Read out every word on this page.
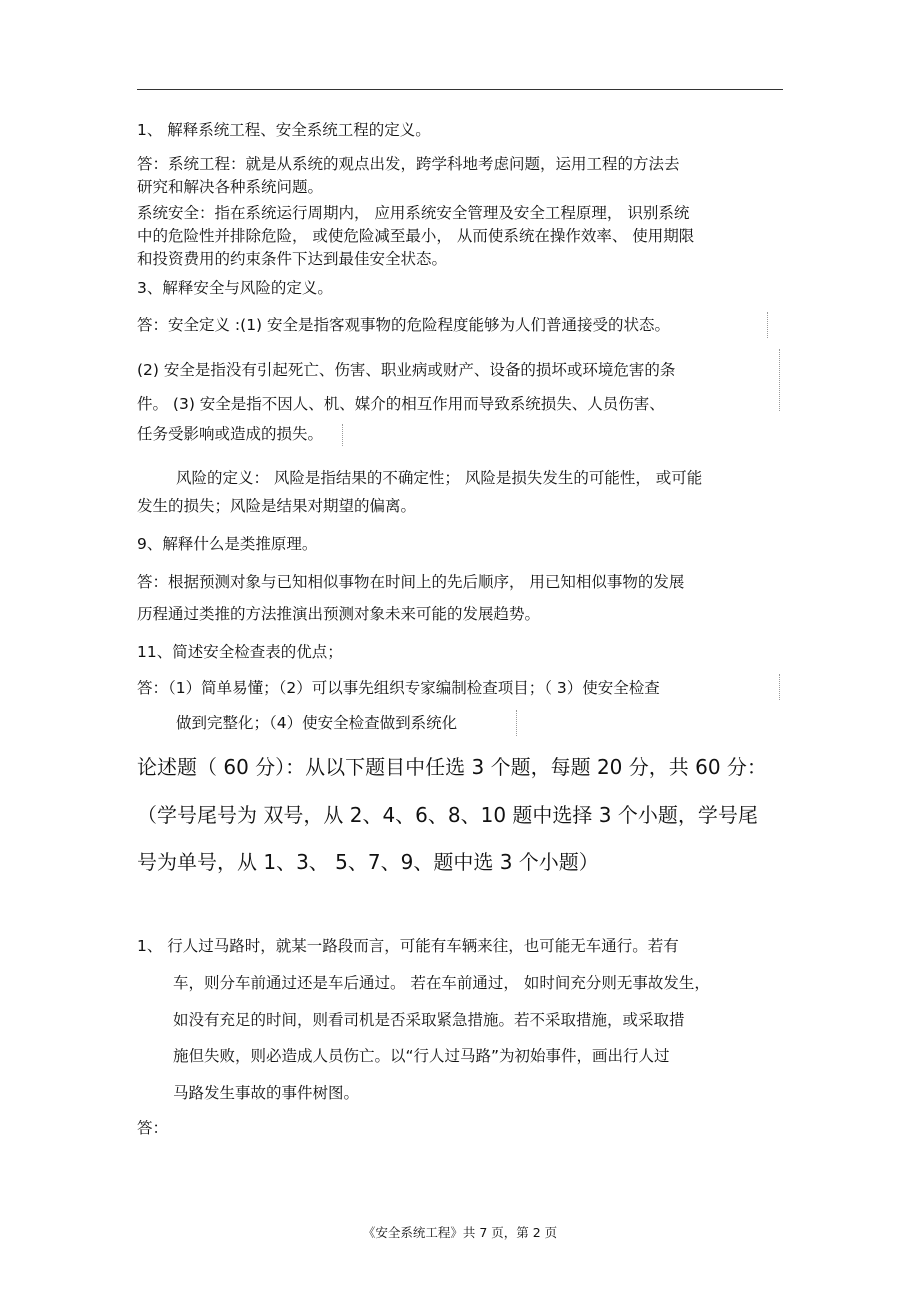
1、 解释系统工程、安全系统工程的定义。
答：系统工程：就是从系统的观点出发，跨学科地考虑问题，运用工程的方法去
研究和解决各种系统问题。
系统安全：指在系统运行周期内， 应用系统安全管理及安全工程原理， 识别系统
中的危险性并排除危险， 或使危险减至最小， 从而使系统在操作效率、 使用期限
和投资费用的约束条件下达到最佳安全状态。
3、解释安全与风险的定义。
答：安全定义 :(1) 安全是指客观事物的危险程度能够为人们普通接受的状态。
(2) 安全是指没有引起死亡、伤害、职业病或财产、设备的损坏或环境危害的条
件。 (3) 安全是指不因人、机、媒介的相互作用而导致系统损失、人员伤害、
任务受影响或造成的损失。
风险的定义： 风险是指结果的不确定性； 风险是损失发生的可能性， 或可能
发生的损失；风险是结果对期望的偏离。
9、解释什么是类推原理。
答：根据预测对象与已知相似事物在时间上的先后顺序， 用已知相似事物的发展
历程通过类推的方法推演出预测对象未来可能的发展趋势。
11、简述安全检查表的优点；
答：（1）简单易懂；（2）可以事先组织专家编制检查项目；（ 3）使安全检查
做到完整化；（4）使安全检查做到系统化
论述题（ 60 分）：从以下题目中任选 3 个题，每题 20 分，共 60 分：
（学号尾号为 双号，从 2、4、6、8、10 题中选择 3 个小题，学号尾
号为单号，从 1、3、 5、7、9、题中选 3 个小题）
1、 行人过马路时，就某一路段而言，可能有车辆来往，也可能无车通行。若有
车，则分车前通过还是车后通过。 若在车前通过， 如时间充分则无事故发生，
如没有充足的时间，则看司机是否采取紧急措施。若不采取措施，或采取措
施但失败，则必造成人员伤亡。以“行人过马路”为初始事件，画出行人过
马路发生事故的事件树图。
答：
《安全系统工程》共 7 页，第 2 页
